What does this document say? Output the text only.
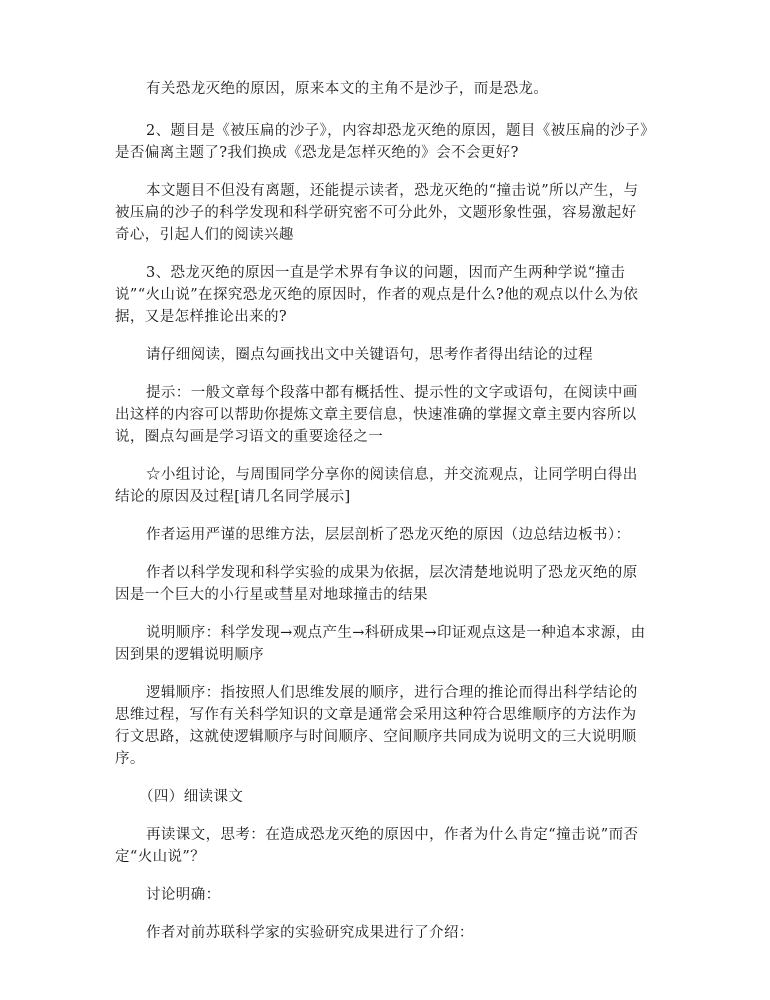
有关恐龙灭绝的原因，原来本文的主角不是沙子，而是恐龙。

2、题目是《被压扁的沙子》，内容却恐龙灭绝的原因，题目《被压扁的沙子》是否偏离主题了?我们换成《恐龙是怎样灭绝的》会不会更好?

本文题目不但没有离题，还能提示读者，恐龙灭绝的“撞击说”所以产生，与被压扁的沙子的科学发现和科学研究密不可分此外，文题形象性强，容易激起好奇心，引起人们的阅读兴趣

3、恐龙灭绝的原因一直是学术界有争议的问题，因而产生两种学说“撞击说”“火山说”在探究恐龙灭绝的原因时，作者的观点是什么?他的观点以什么为依据，又是怎样推论出来的?

请仔细阅读，圈点勾画找出文中关键语句，思考作者得出结论的过程

提示：一般文章每个段落中都有概括性、提示性的文字或语句，在阅读中画出这样的内容可以帮助你提炼文章主要信息，快速准确的掌握文章主要内容所以说，圈点勾画是学习语文的重要途径之一

☆小组讨论，与周围同学分享你的阅读信息，并交流观点，让同学明白得出结论的原因及过程[请几名同学展示]

作者运用严谨的思维方法，层层剖析了恐龙灭绝的原因（边总结边板书）：

作者以科学发现和科学实验的成果为依据，层次清楚地说明了恐龙灭绝的原因是一个巨大的小行星或彗星对地球撞击的结果

说明顺序：科学发现→观点产生→科研成果→印证观点这是一种追本求源，由因到果的逻辑说明顺序

逻辑顺序：指按照人们思维发展的顺序，进行合理的推论而得出科学结论的思维过程，写作有关科学知识的文章是通常会采用这种符合思维顺序的方法作为行文思路，这就使逻辑顺序与时间顺序、空间顺序共同成为说明文的三大说明顺序。

（四）细读课文

再读课文，思考：在造成恐龙灭绝的原因中，作者为什么肯定“撞击说”而否定“火山说”？

讨论明确：

作者对前苏联科学家的实验研究成果进行了介绍：
